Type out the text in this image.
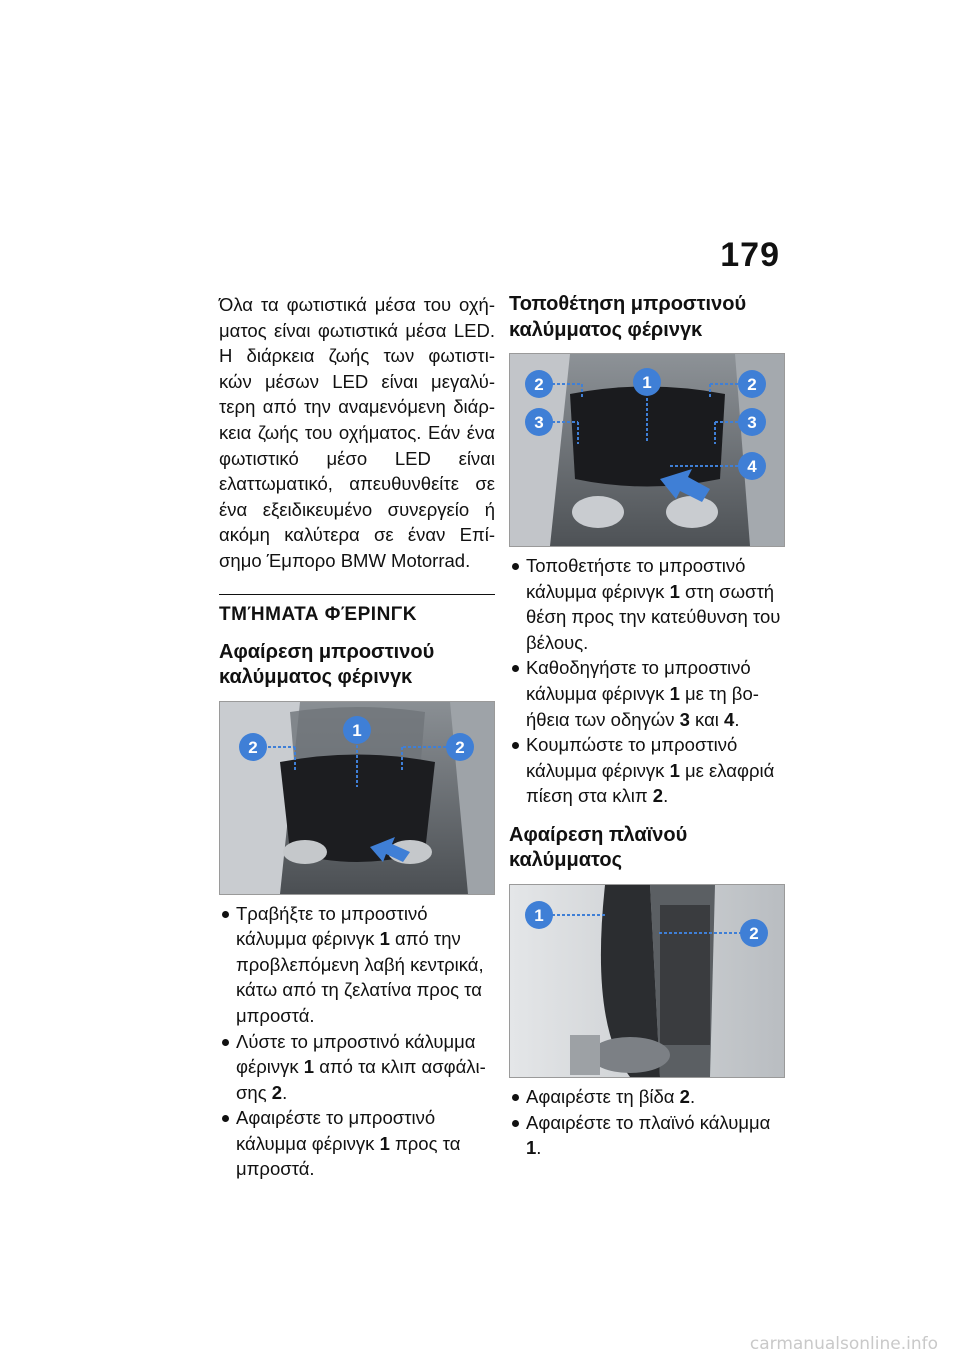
179

Όλα τα φωτιστικά μέσα του οχή- ματος είναι φωτιστικά μέσα LED. Η διάρκεια ζωής των φωτιστι- κών μέσων LED είναι μεγαλύ- τερη από την αναμενόμενη διάρ- κεια ζωής του οχήματος. Εάν ένα φωτιστικό μέσο LED είναι ελαττωματικό, απευθυνθείτε σε ένα εξειδικευμένο συνεργείο ή ακόμη καλύτερα σε έναν Επί- σημο Έμπορο BMW Motorrad.

ΤΜΉΜΑΤΑ ΦΈΡΙΝΓΚ
Αφαίρεση μπροστινού καλύμματος φέρινγκ
2
1
2
Τραβήξτε το μπροστινό κάλυμμα φέρινγκ 1 από την προβλεπόμενη λαβή κεντρικά, κάτω από τη ζελατίνα προς τα μπροστά.
Λύστε το μπροστινό κάλυμμα φέρινγκ 1 από τα κλιπ ασφάλι- σης 2.
Αφαιρέστε το μπροστινό κάλυμμα φέρινγκ 1 προς τα μπροστά.
Τοποθέτηση μπροστινού καλύμματος φέρινγκ
2	1	2
3	3
4
Τοποθετήστε το μπροστινό κάλυμμα φέρινγκ 1 στη σωστή θέση προς την κατεύθυνση του βέλους.
Καθοδηγήστε το μπροστινό κάλυμμα φέρινγκ 1 με τη βο- ήθεια των οδηγών 3 και 4.
Κουμπώστε το μπροστινό κάλυμμα φέρινγκ 1 με ελαφριά πίεση στα κλιπ 2.
Αφαίρεση πλαϊνού καλύμματος
1
2
Αφαιρέστε τη βίδα 2.
Αφαιρέστε το πλαϊνό κάλυμμα 1.
carmanualsonline.info
